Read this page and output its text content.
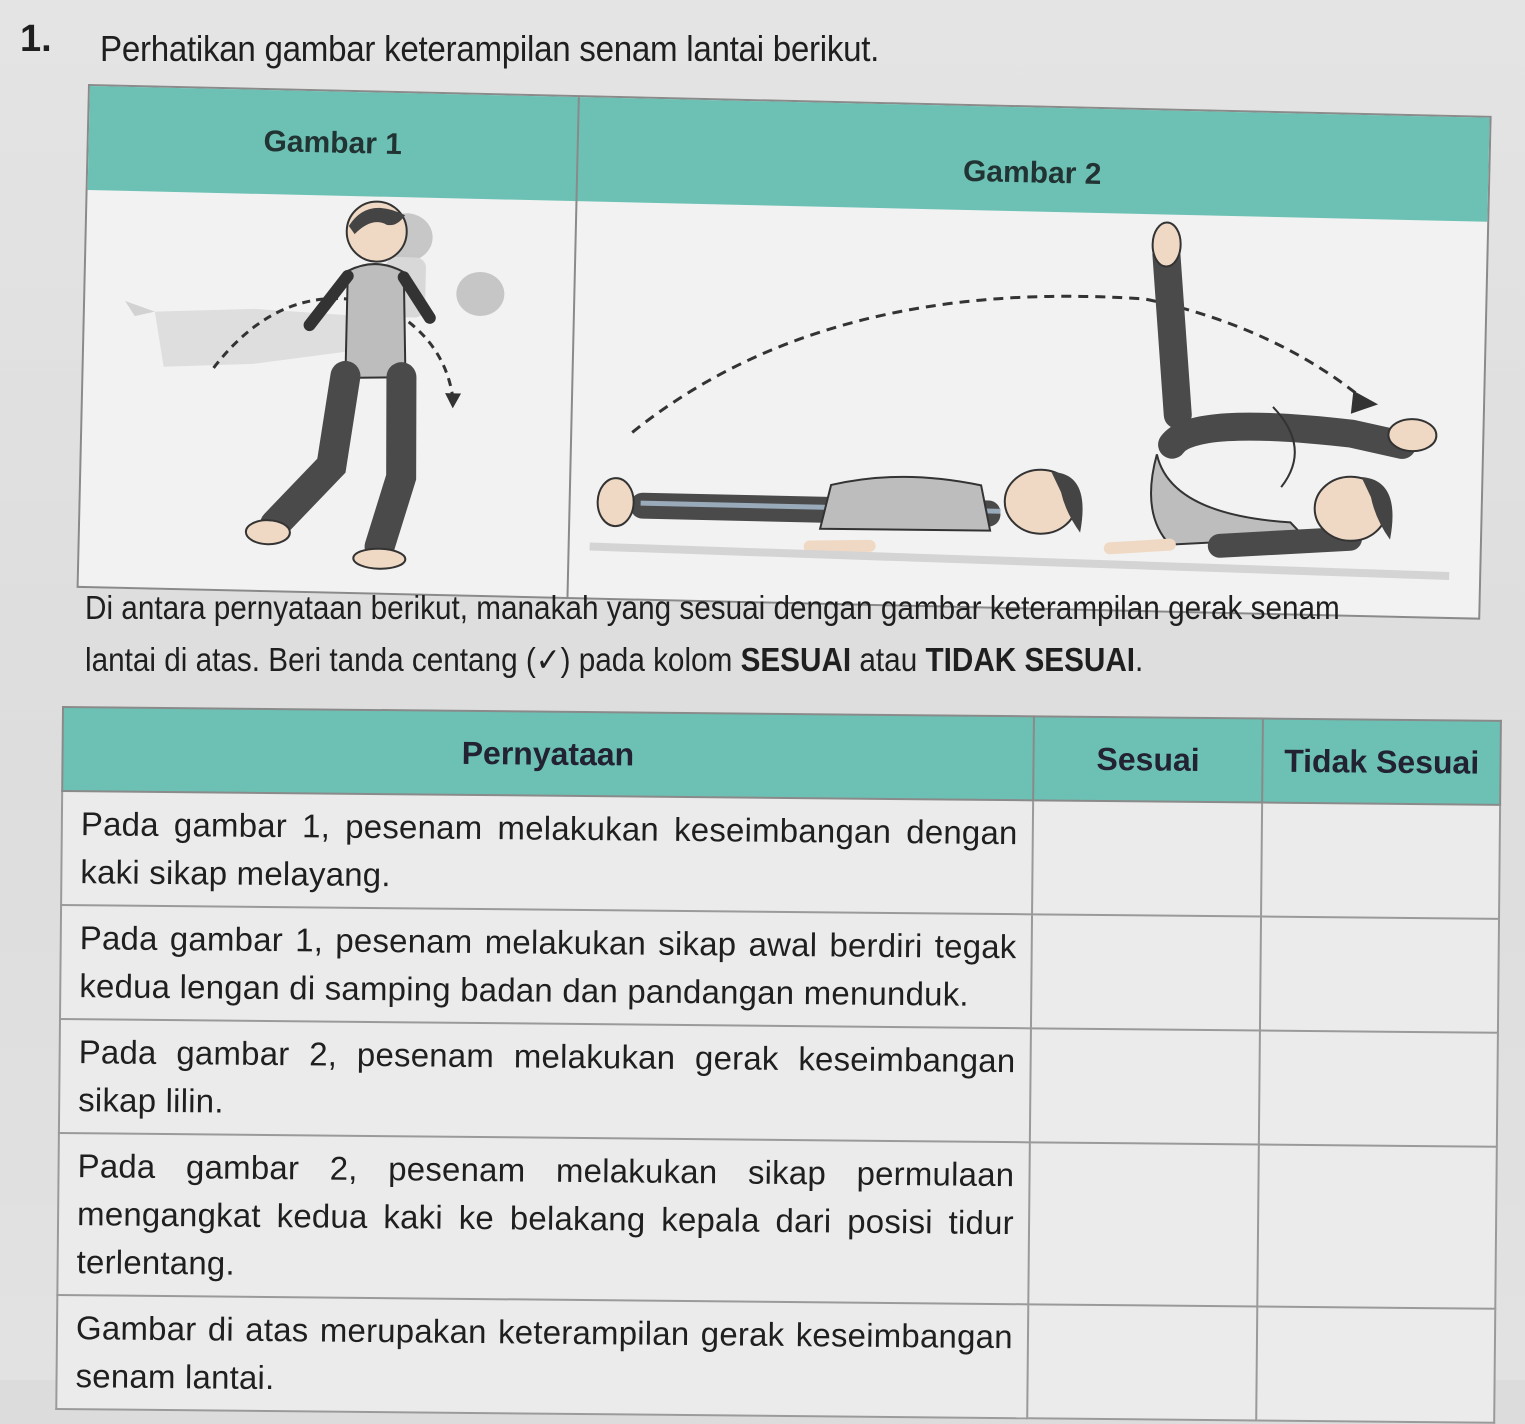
1. Perhatikan gambar keterampilan senam lantai berikut.
Gambar 1
Gambar 2
Di antara pernyataan berikut, manakah yang sesuai dengan gambar keterampilan gerak senam lantai di atas. Beri tanda centang (✓) pada kolom SESUAI atau TIDAK SESUAI.
Pernyataan	Sesuai	Tidak Sesuai
Pada gambar 1, pesenam melakukan keseimbangan dengan kaki sikap melayang.		
Pada gambar 1, pesenam melakukan sikap awal berdiri tegak kedua lengan di samping badan dan pandangan menunduk.		
Pada gambar 2, pesenam melakukan gerak keseimbangan sikap lilin.		
Pada gambar 2, pesenam melakukan sikap permulaan mengangkat kedua kaki ke belakang kepala dari posisi tidur terlentang.		
Gambar di atas merupakan keterampilan gerak keseimbangan senam lantai.		
